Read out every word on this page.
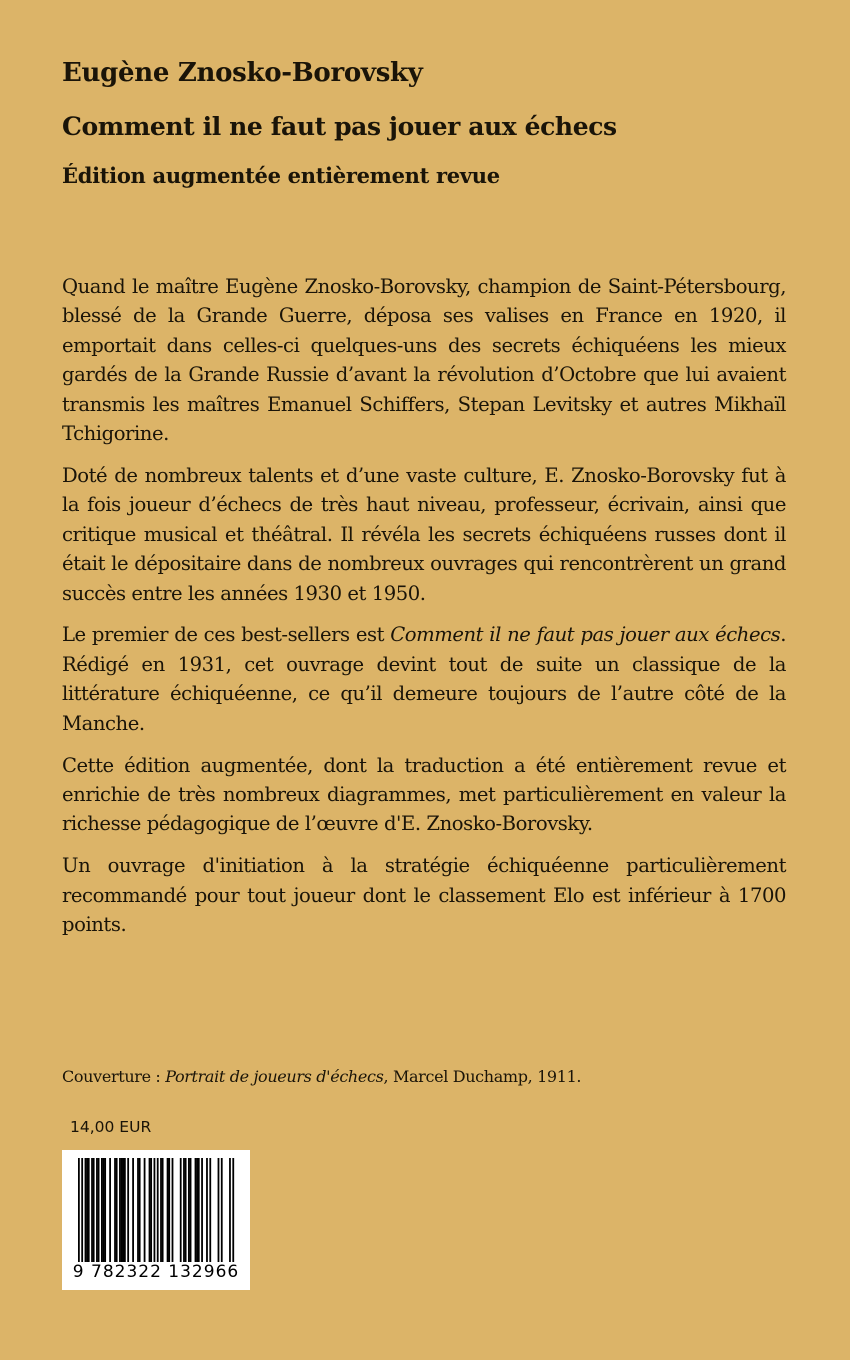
Eugène Znosko-Borovsky
Comment il ne faut pas jouer aux échecs
Édition augmentée entièrement revue

Quand le maître Eugène Znosko-Borovsky, champion de Saint-Pétersbourg, blessé de la Grande Guerre, déposa ses valises en France en 1920, il emportait dans celles-ci quelques-uns des secrets échiquéens les mieux gardés de la Grande Russie d’avant la révolution d’Octobre que lui avaient transmis les maîtres Emanuel Schiffers, Stepan Levitsky et autres Mikhaïl Tchigorine.

Doté de nombreux talents et d’une vaste culture, E. Znosko-Borovsky fut à la fois joueur d’échecs de très haut niveau, professeur, écrivain, ainsi que critique musical et théâtral. Il révéla les secrets échiquéens russes dont il était le dépositaire dans de nombreux ouvrages qui rencontrèrent un grand succès entre les années 1930 et 1950.

Le premier de ces best-sellers est Comment il ne faut pas jouer aux échecs. Rédigé en 1931, cet ouvrage devint tout de suite un classique de la littérature échiquéenne, ce qu’il demeure toujours de l’autre côté de la Manche.

Cette édition augmentée, dont la traduction a été entièrement revue et enrichie de très nombreux diagrammes, met particulièrement en valeur la richesse pédagogique de l’œuvre d'E. Znosko-Borovsky.

Un ouvrage d'initiation à la stratégie échiquéenne particulièrement recommandé pour tout joueur dont le classement Elo est inférieur à 1700 points.

Couverture : Portrait de joueurs d'échecs, Marcel Duchamp, 1911.
14,00 EUR
9 782322 132966
